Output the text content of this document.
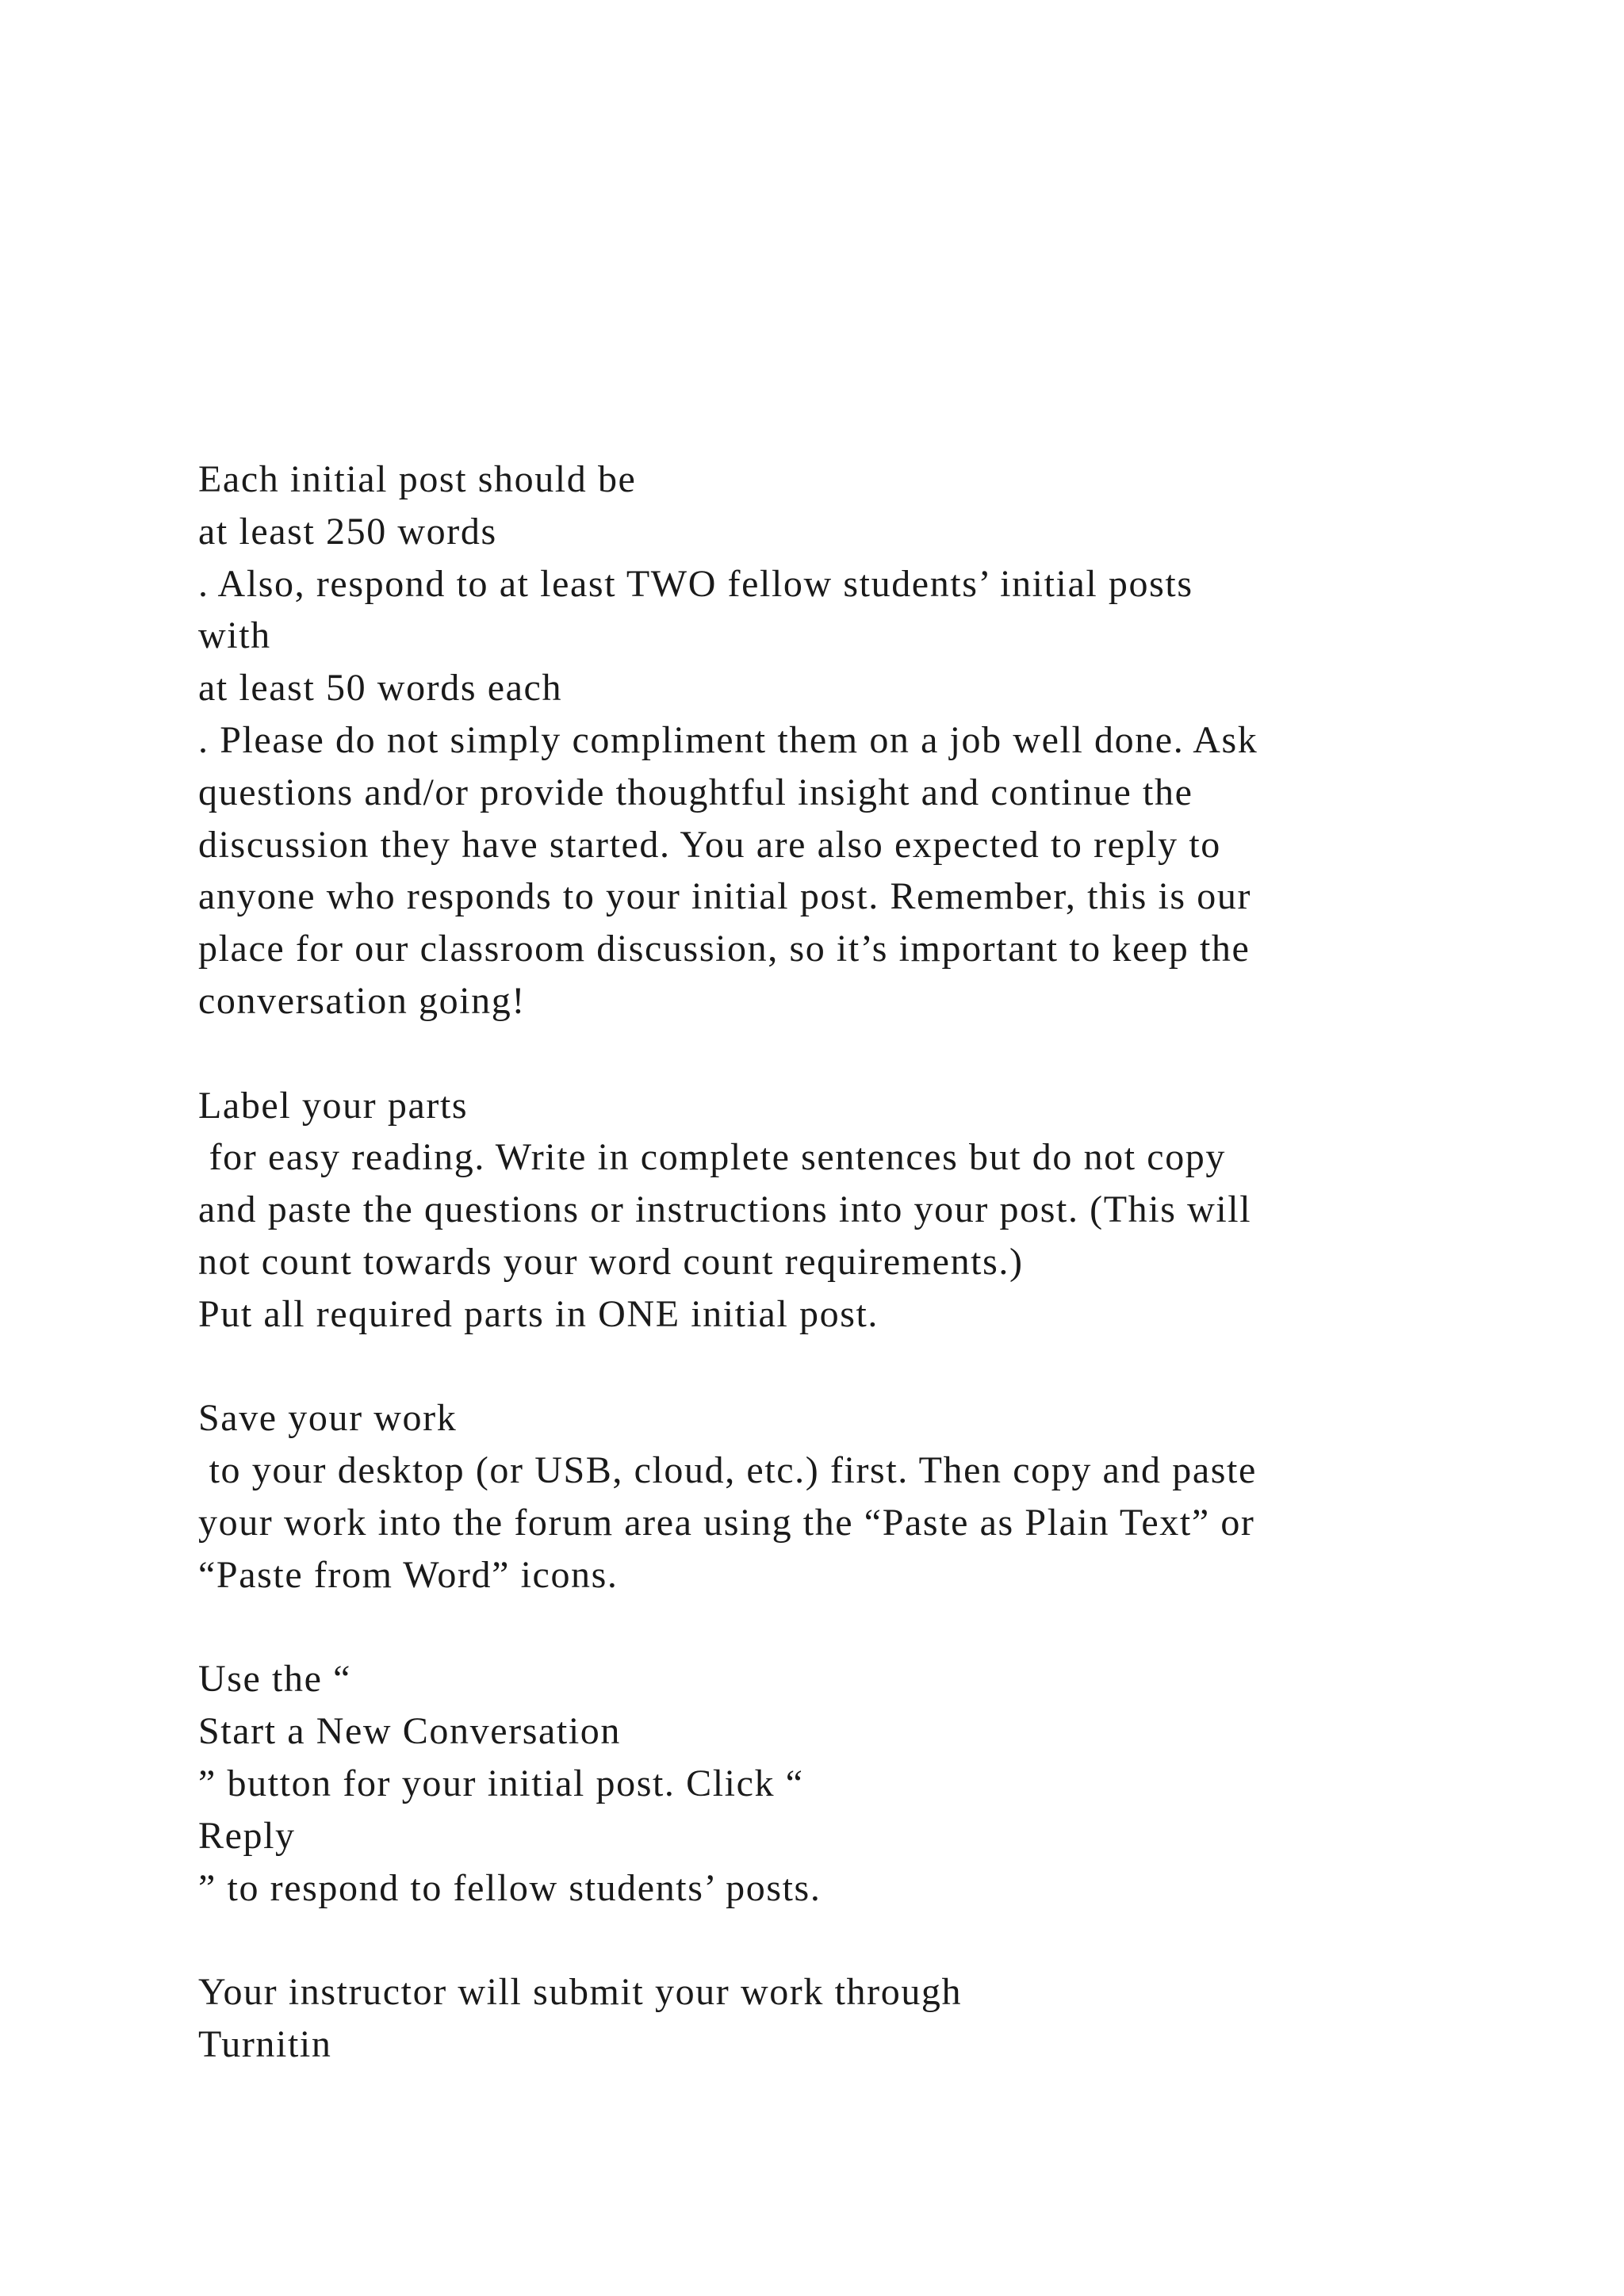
Each initial post should be
at least 250 words
. Also, respond to at least TWO fellow students’ initial posts
with
at least 50 words each
. Please do not simply compliment them on a job well done. Ask
questions and/or provide thoughtful insight and continue the
discussion they have started. You are also expected to reply to
anyone who responds to your initial post. Remember, this is our
place for our classroom discussion, so it’s important to keep the
conversation going!
Label your parts
for easy reading. Write in complete sentences but do not copy
and paste the questions or instructions into your post. (This will
not count towards your word count requirements.)
Put all required parts in ONE initial post.
Save your work
to your desktop (or USB, cloud, etc.) first. Then copy and paste
your work into the forum area using the “Paste as Plain Text” or
“Paste from Word” icons.
Use the “
Start a New Conversation
” button for your initial post. Click “
Reply
” to respond to fellow students’ posts.
Your instructor will submit your work through
Turnitin
